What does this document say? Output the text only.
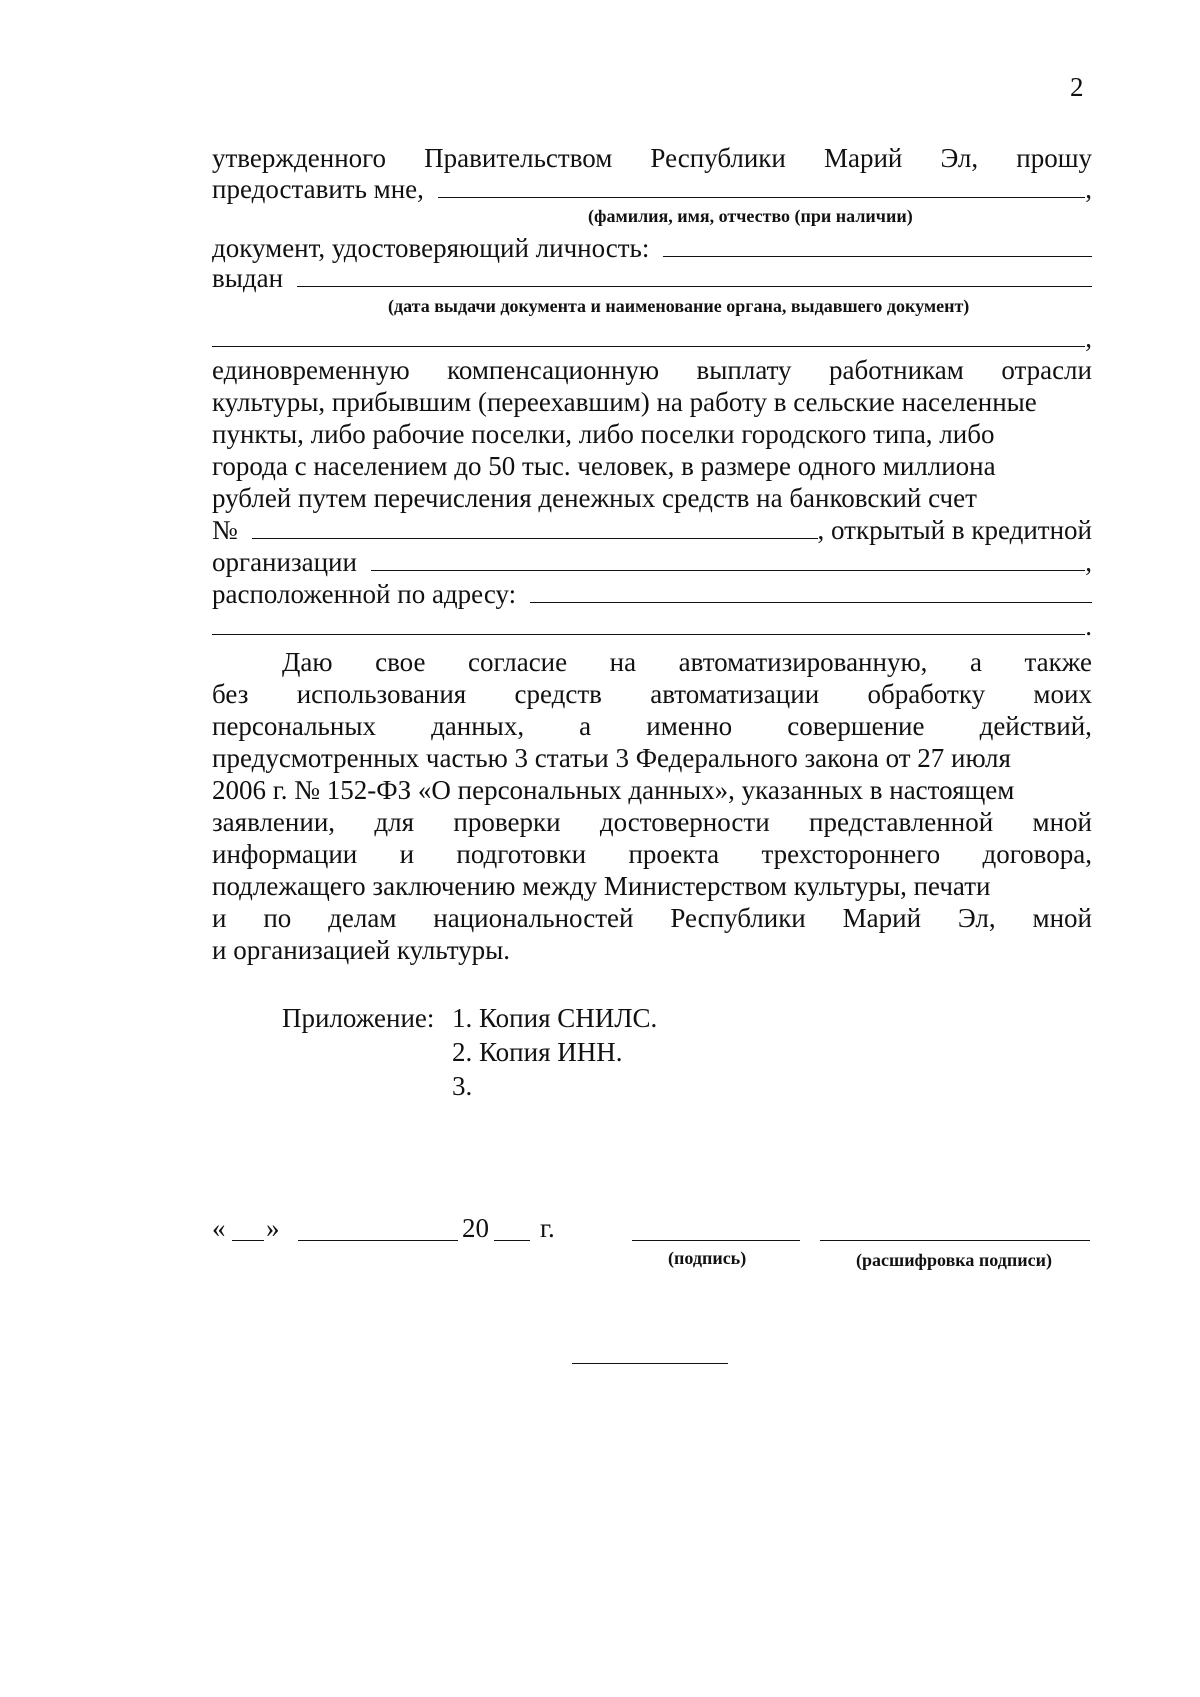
2
утвержденного Правительством Республики Марий Эл, прошу
предоставить мне,	,
(фамилия, имя, отчество (при наличии)
документ, удостоверяющий личность:
выдан
(дата выдачи документа и наименование органа, выдавшего документ)
,
единовременную компенсационную выплату работникам отрасли
культуры, прибывшим (переехавшим) на работу в сельские населенные
пункты, либо рабочие поселки, либо поселки городского типа, либо
города с населением до 50 тыс. человек, в размере одного миллиона
рублей путем перечисления денежных средств на банковский счет
№	, открытый в кредитной
организации	,
расположенной по адресу:
.
Даю свое согласие на автоматизированную, а также
без использования средств автоматизации обработку моих
персональных данных, а именно совершение действий,
предусмотренных частью 3 статьи 3 Федерального закона от 27 июля
2006 г. № 152-ФЗ «О персональных данных», указанных в настоящем
заявлении, для проверки достоверности представленной мной
информации и подготовки проекта трехстороннего договора,
подлежащего заключению между Министерством культуры, печати
и по делам национальностей Республики Марий Эл, мной
и организацией культуры.
Приложение: 1. Копия СНИЛС.
2. Копия ИНН.
3.
« »	20 г.
(подпись)	(расшифровка подписи)
